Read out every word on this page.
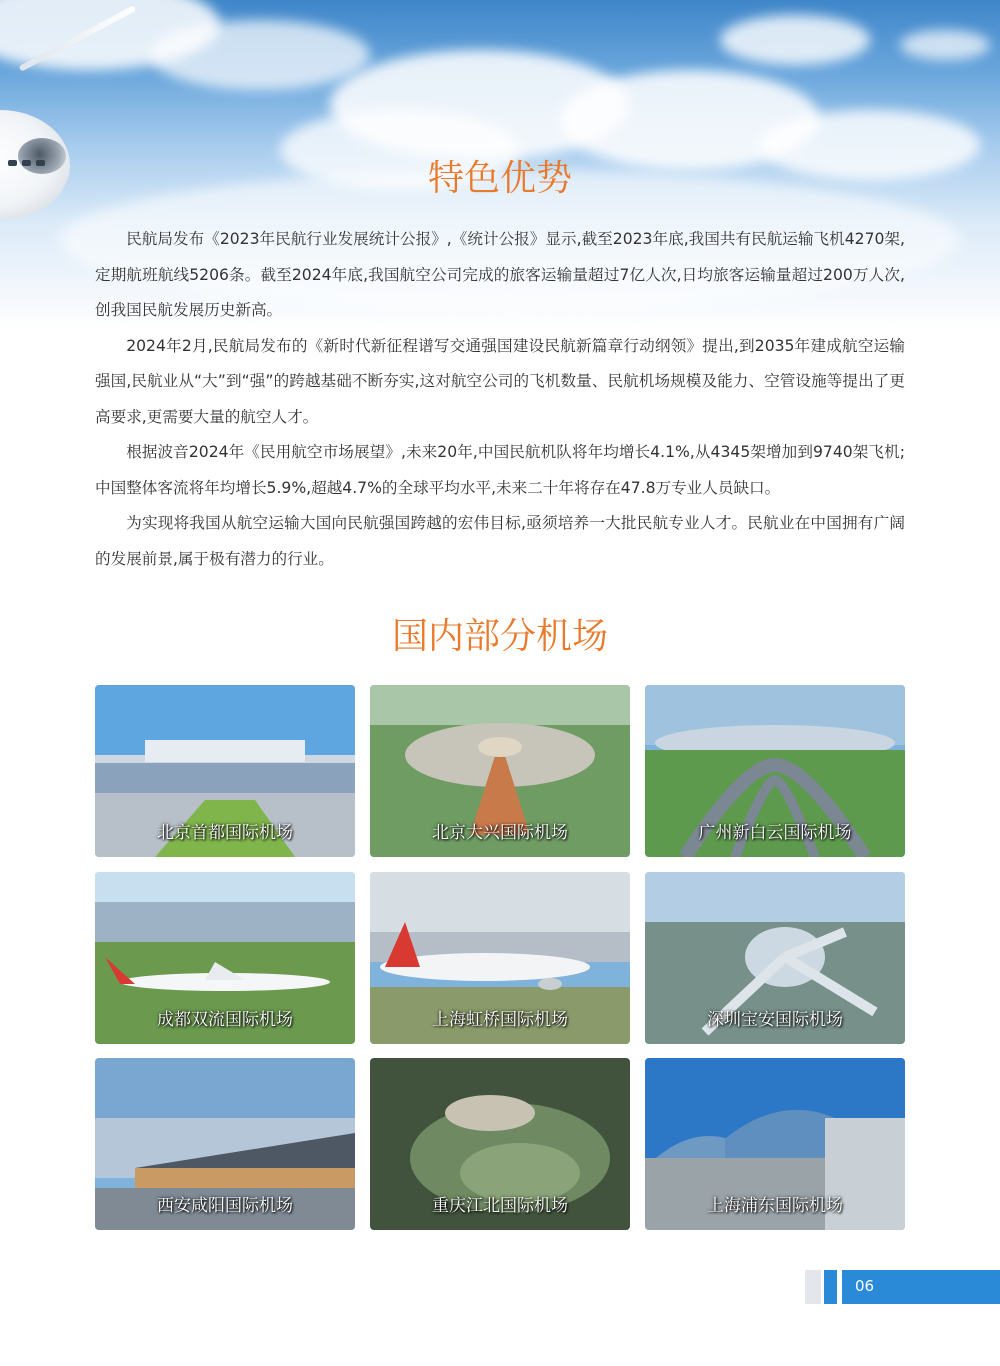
特色优势

民航局发布《2023年民航行业发展统计公报》,《统计公报》显示,截至2023年底,我国共有民航运输飞机4270架,定期航班航线5206条。截至2024年底,我国航空公司完成的旅客运输量超过7亿人次,日均旅客运输量超过200万人次,创我国民航发展历史新高。

2024年2月,民航局发布的《新时代新征程谱写交通强国建设民航新篇章行动纲领》提出,到2035年建成航空运输强国,民航业从“大”到“强”的跨越基础不断夯实,这对航空公司的飞机数量、民航机场规模及能力、空管设施等提出了更高要求,更需要大量的航空人才。

根据波音2024年《民用航空市场展望》,未来20年,中国民航机队将年均增长4.1%,从4345架增加到9740架飞机;中国整体客流将年均增长5.9%,超越4.7%的全球平均水平,未来二十年将存在47.8万专业人员缺口。

为实现将我国从航空运输大国向民航强国跨越的宏伟目标,亟须培养一大批民航专业人才。民航业在中国拥有广阔的发展前景,属于极有潜力的行业。

国内部分机场
北京首都国际机场	北京大兴国际机场	广州新白云国际机场
成都双流国际机场	上海虹桥国际机场	深圳宝安国际机场
西安咸阳国际机场	重庆江北国际机场	上海浦东国际机场
06
